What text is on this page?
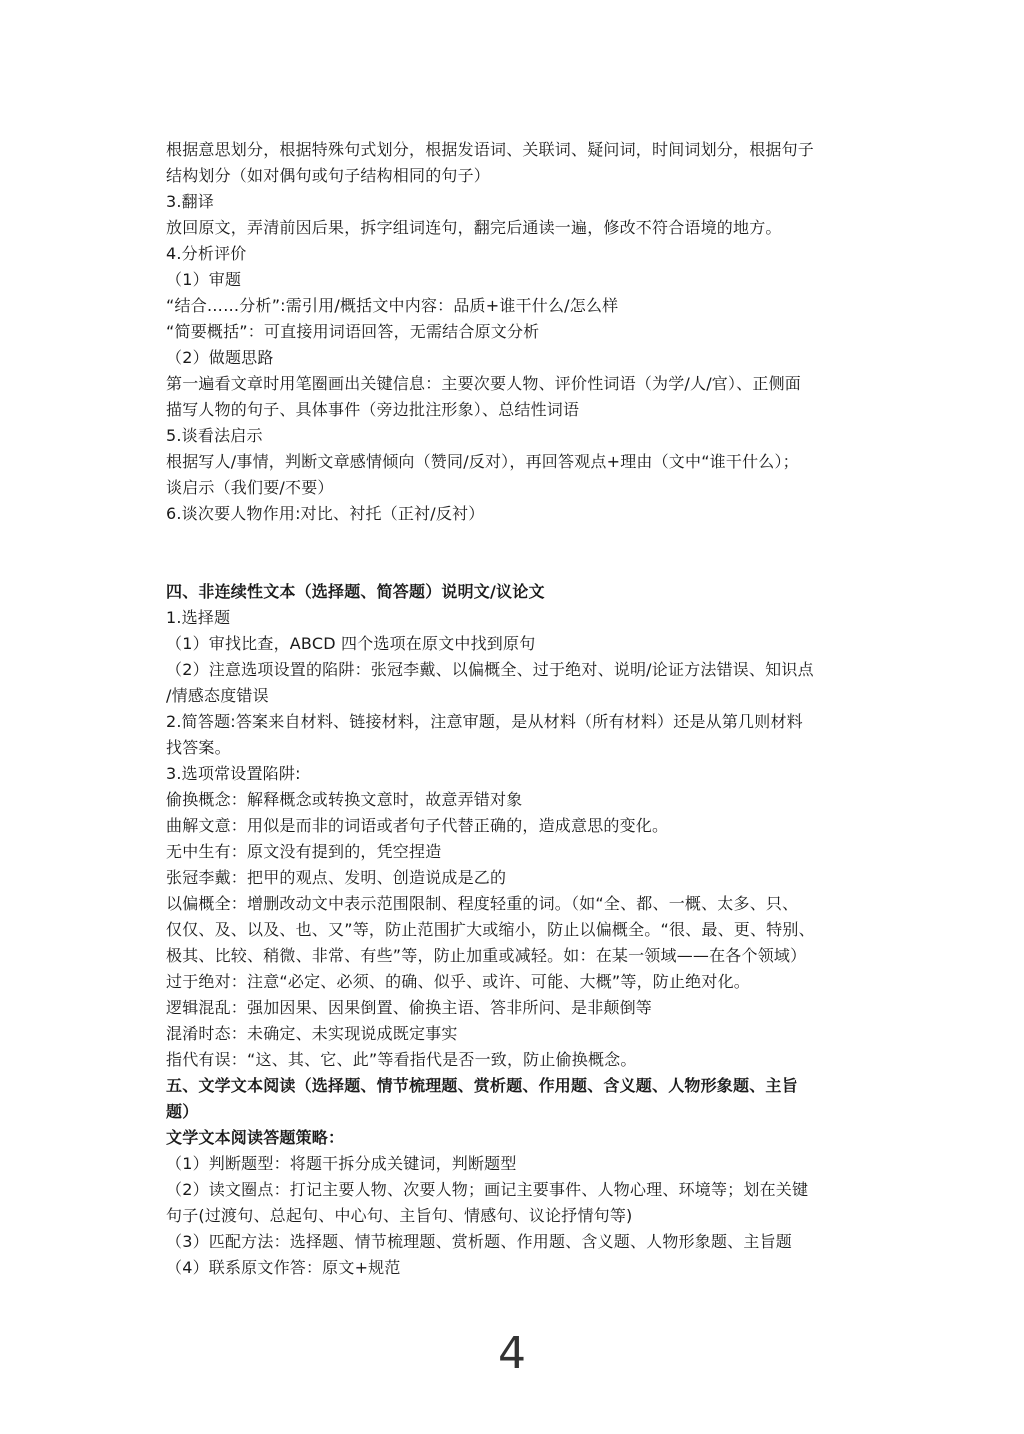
根据意思划分，根据特殊句式划分，根据发语词、关联词、疑问词，时间词划分，根据句子
结构划分（如对偶句或句子结构相同的句子）
3.翻译
放回原文，弄清前因后果，拆字组词连句，翻完后通读一遍，修改不符合语境的地方。
4.分析评价
（1）审题
“结合……分析”:需引用/概括文中内容：品质+谁干什么/怎么样
“简要概括”：可直接用词语回答，无需结合原文分析
（2）做题思路
第一遍看文章时用笔圈画出关键信息：主要次要人物、评价性词语（为学/人/官）、正侧面
描写人物的句子、具体事件（旁边批注形象）、总结性词语
5.谈看法启示
根据写人/事情，判断文章感情倾向（赞同/反对），再回答观点+理由（文中“谁干什么）；
谈启示（我们要/不要）
6.谈次要人物作用:对比、衬托（正衬/反衬）
四、非连续性文本（选择题、简答题）说明文/议论文
1.选择题
（1）审找比查，ABCD 四个选项在原文中找到原句
（2）注意选项设置的陷阱：张冠李戴、以偏概全、过于绝对、说明/论证方法错误、知识点
/情感态度错误
2.简答题:答案来自材料、链接材料，注意审题，是从材料（所有材料）还是从第几则材料
找答案。
3.选项常设置陷阱:
偷换概念：解释概念或转换文意时，故意弄错对象
曲解文意：用似是而非的词语或者句子代替正确的，造成意思的变化。
无中生有：原文没有提到的，凭空捏造
张冠李戴：把甲的观点、发明、创造说成是乙的
以偏概全：增删改动文中表示范围限制、程度轻重的词。（如“全、都、一概、太多、只、
仅仅、及、以及、也、又”等，防止范围扩大或缩小，防止以偏概全。“很、最、更、特别、
极其、比较、稍微、非常、有些”等，防止加重或减轻。如：在某一领域——在各个领域）
过于绝对：注意“必定、必须、的确、似乎、或许、可能、大概”等，防止绝对化。
逻辑混乱：强加因果、因果倒置、偷换主语、答非所问、是非颠倒等
混淆时态：未确定、未实现说成既定事实
指代有误：“这、其、它、此”等看指代是否一致，防止偷换概念。
五、文学文本阅读（选择题、情节梳理题、赏析题、作用题、含义题、人物形象题、主旨
题）
文学文本阅读答题策略：
（1）判断题型：将题干拆分成关键词，判断题型
（2）读文圈点：打记主要人物、次要人物；画记主要事件、人物心理、环境等；划在关键
句子(过渡句、总起句、中心句、主旨句、情感句、议论抒情句等)
（3）匹配方法：选择题、情节梳理题、赏析题、作用题、含义题、人物形象题、主旨题
（4）联系原文作答：原文+规范
4
